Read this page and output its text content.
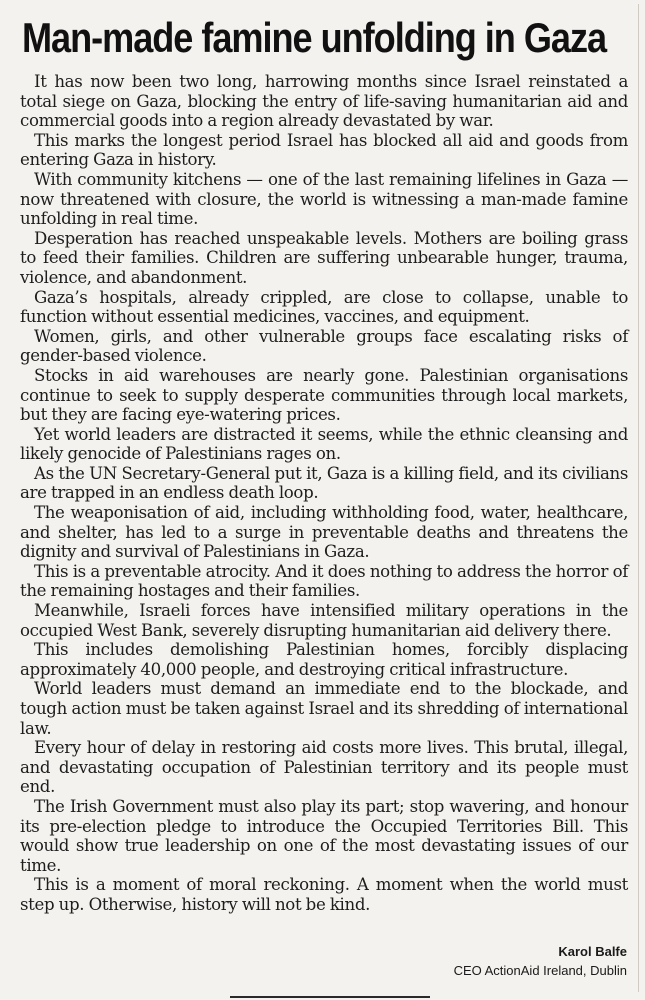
Man-made famine unfolding in Gaza

It has now been two long, harrowing months since Israel reinstated a total siege on Gaza, blocking the entry of life-saving humanitarian aid and commercial goods into a region already devastated by war.

This marks the longest period Israel has blocked all aid and goods from entering Gaza in history.

With community kitchens — one of the last remaining lifelines in Gaza — now threatened with closure, the world is witnessing a man-made famine unfolding in real time.

Desperation has reached unspeakable levels. Mothers are boiling grass to feed their families. Children are suffering unbearable hunger, trauma, violence, and abandonment.

Gaza’s hospitals, already crippled, are close to collapse, unable to function without essential medicines, vaccines, and equipment.

Women, girls, and other vulnerable groups face escalating risks of gender-based violence.

Stocks in aid warehouses are nearly gone. Palestinian organisations continue to seek to supply desperate communities through local markets, but they are facing eye-watering prices.

Yet world leaders are distracted it seems, while the ethnic cleansing and likely genocide of Palestinians rages on.

As the UN Secretary-General put it, Gaza is a killing field, and its civilians are trapped in an endless death loop.

The weaponisation of aid, including withholding food, water, healthcare, and shelter, has led to a surge in preventable deaths and threatens the dignity and survival of Palestinians in Gaza.

This is a preventable atrocity. And it does nothing to address the horror of the remaining hostages and their families.

Meanwhile, Israeli forces have intensified military operations in the occupied West Bank, severely disrupting humanitarian aid delivery there.

This includes demolishing Palestinian homes, forcibly displacing approximately 40,000 people, and destroying critical infrastructure.

World leaders must demand an immediate end to the blockade, and tough action must be taken against Israel and its shredding of international law.

Every hour of delay in restoring aid costs more lives. This brutal, illegal, and devastating occupation of Palestinian territory and its people must end.

The Irish Government must also play its part; stop wavering, and honour its pre-election pledge to introduce the Occupied Territories Bill. This would show true leadership on one of the most devastating issues of our time.

This is a moment of moral reckoning. A moment when the world must step up. Otherwise, history will not be kind.

Karol Balfe
CEO ActionAid Ireland, Dublin
